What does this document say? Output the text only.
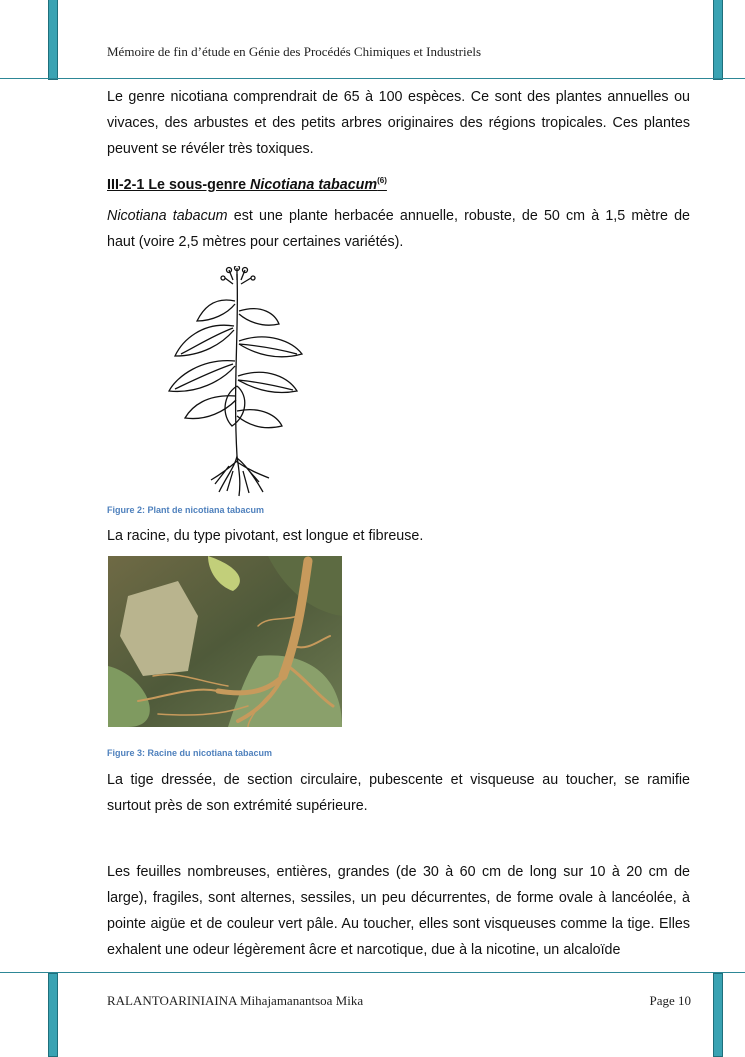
Mémoire de fin d’étude en Génie des Procédés Chimiques et Industriels

Le genre nicotiana comprendrait de 65 à 100 espèces. Ce sont des plantes annuelles ou vivaces, des arbustes et des petits arbres originaires des régions tropicales. Ces plantes peuvent se révéler très toxiques.

III-2-1 Le sous-genre Nicotiana tabacum$^{(6)}$

Nicotiana tabacum est une plante herbacée annuelle, robuste, de 50 cm à 1,5 mètre de haut (voire 2,5 mètres pour certaines variétés).

Figure 2: Plant de nicotiana tabacum

La racine, du type pivotant, est longue et fibreuse.

Figure 3: Racine du nicotiana tabacum

La tige dressée, de section circulaire, pubescente et visqueuse au toucher, se ramifie surtout près de son extrémité supérieure.

Les feuilles nombreuses, entières, grandes (de 30 à 60 cm de long sur 10 à 20 cm de large), fragiles, sont alternes, sessiles, un peu décurrentes, de forme ovale à lancéolée, à pointe aigüe et de couleur vert pâle. Au toucher, elles sont visqueuses comme la tige. Elles exhalent une odeur légèrement âcre et narcotique, due à la nicotine, un alcaloïde

RALANTOARINIAINA Mihajamanantsoa Mika	Page 10
